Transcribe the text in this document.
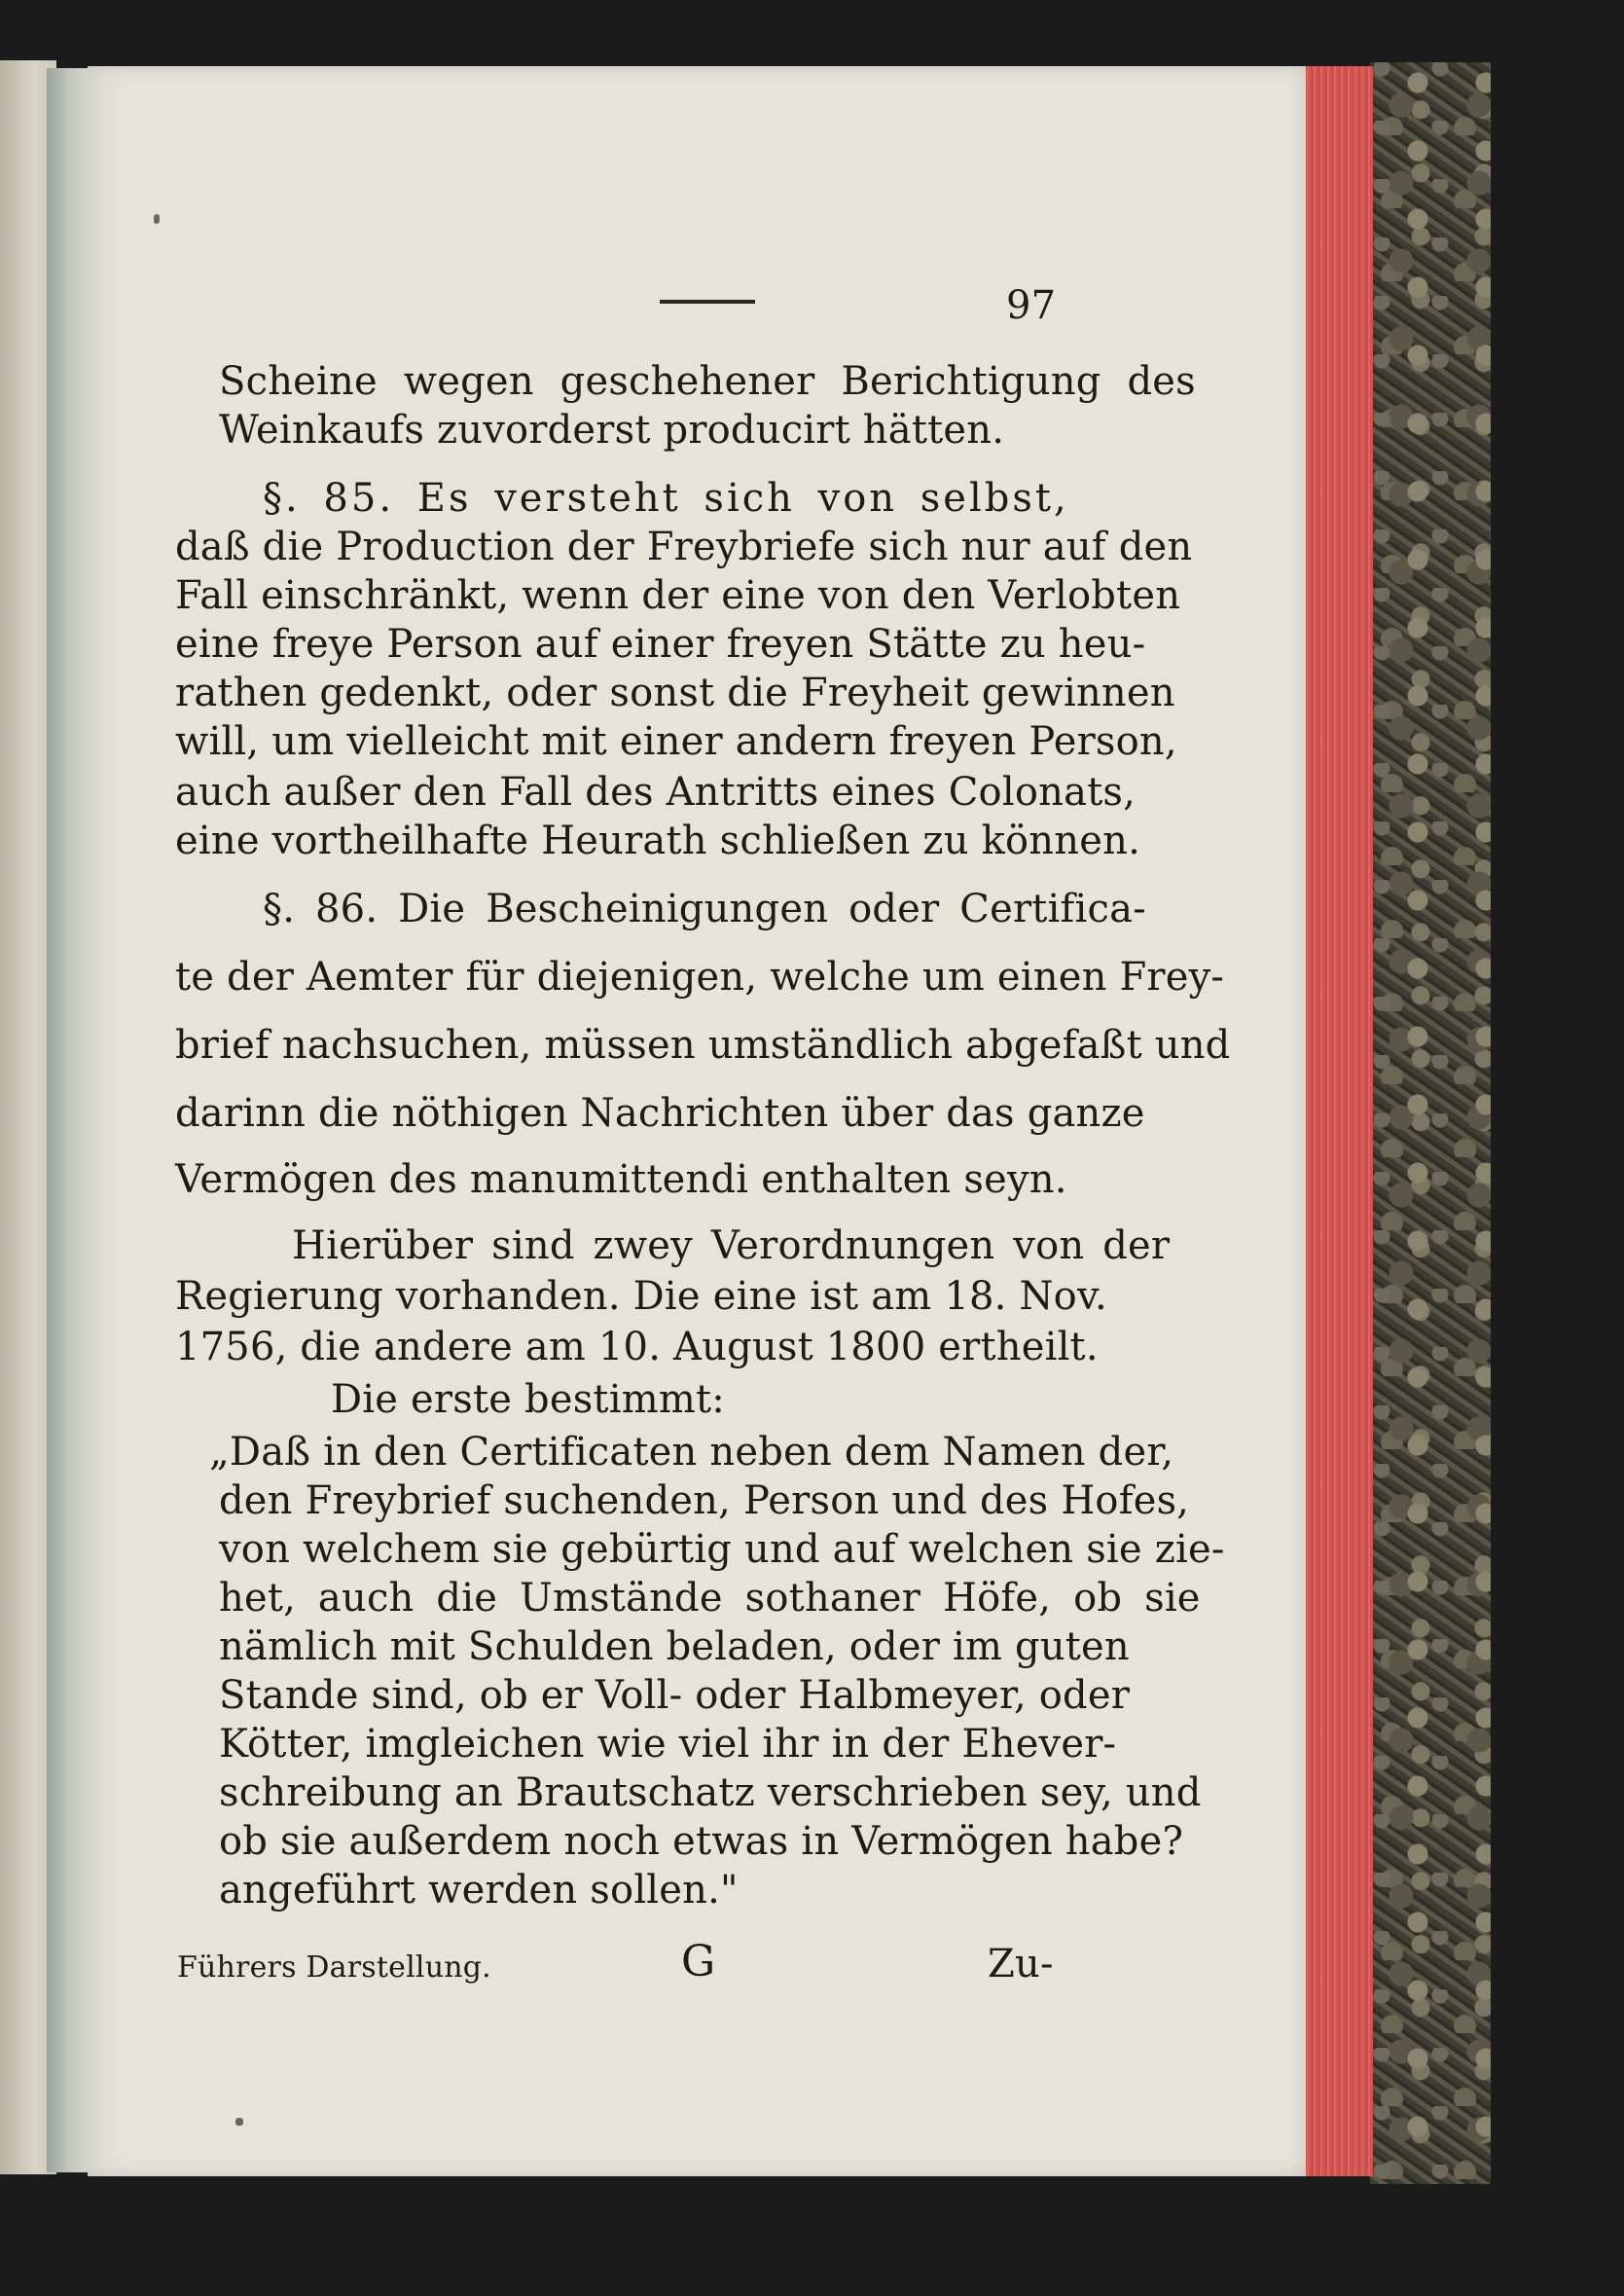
97
Scheine wegen geschehener Berichtigung des
Weinkaufs zuvorderst producirt hätten.
§. 85. Es versteht sich von selbst,
daß die Production der Freybriefe sich nur auf den
Fall einschränkt, wenn der eine von den Verlobten
eine freye Person auf einer freyen Stätte zu heu-
rathen gedenkt, oder sonst die Freyheit gewinnen
will, um vielleicht mit einer andern freyen Person,
auch außer den Fall des Antritts eines Colonats,
eine vortheilhafte Heurath schließen zu können.
§. 86. Die Bescheinigungen oder Certifica-
te der Aemter für diejenigen, welche um einen Frey-
brief nachsuchen, müssen umständlich abgefaßt und
darinn die nöthigen Nachrichten über das ganze
Vermögen des manumittendi enthalten seyn.
Hierüber sind zwey Verordnungen von der
Regierung vorhanden. Die eine ist am 18. Nov.
1756, die andere am 10. August 1800 ertheilt.
Die erste bestimmt:
„Daß in den Certificaten neben dem Namen der,
den Freybrief suchenden, Person und des Hofes,
von welchem sie gebürtig und auf welchen sie zie-
het, auch die Umstände sothaner Höfe, ob sie
nämlich mit Schulden beladen, oder im guten
Stande sind, ob er Voll- oder Halbmeyer, oder
Kötter, imgleichen wie viel ihr in der Ehever-
schreibung an Brautschatz verschrieben sey, und
ob sie außerdem noch etwas in Vermögen habe?
angeführt werden sollen."
Führers Darstellung.	G	Zu-
